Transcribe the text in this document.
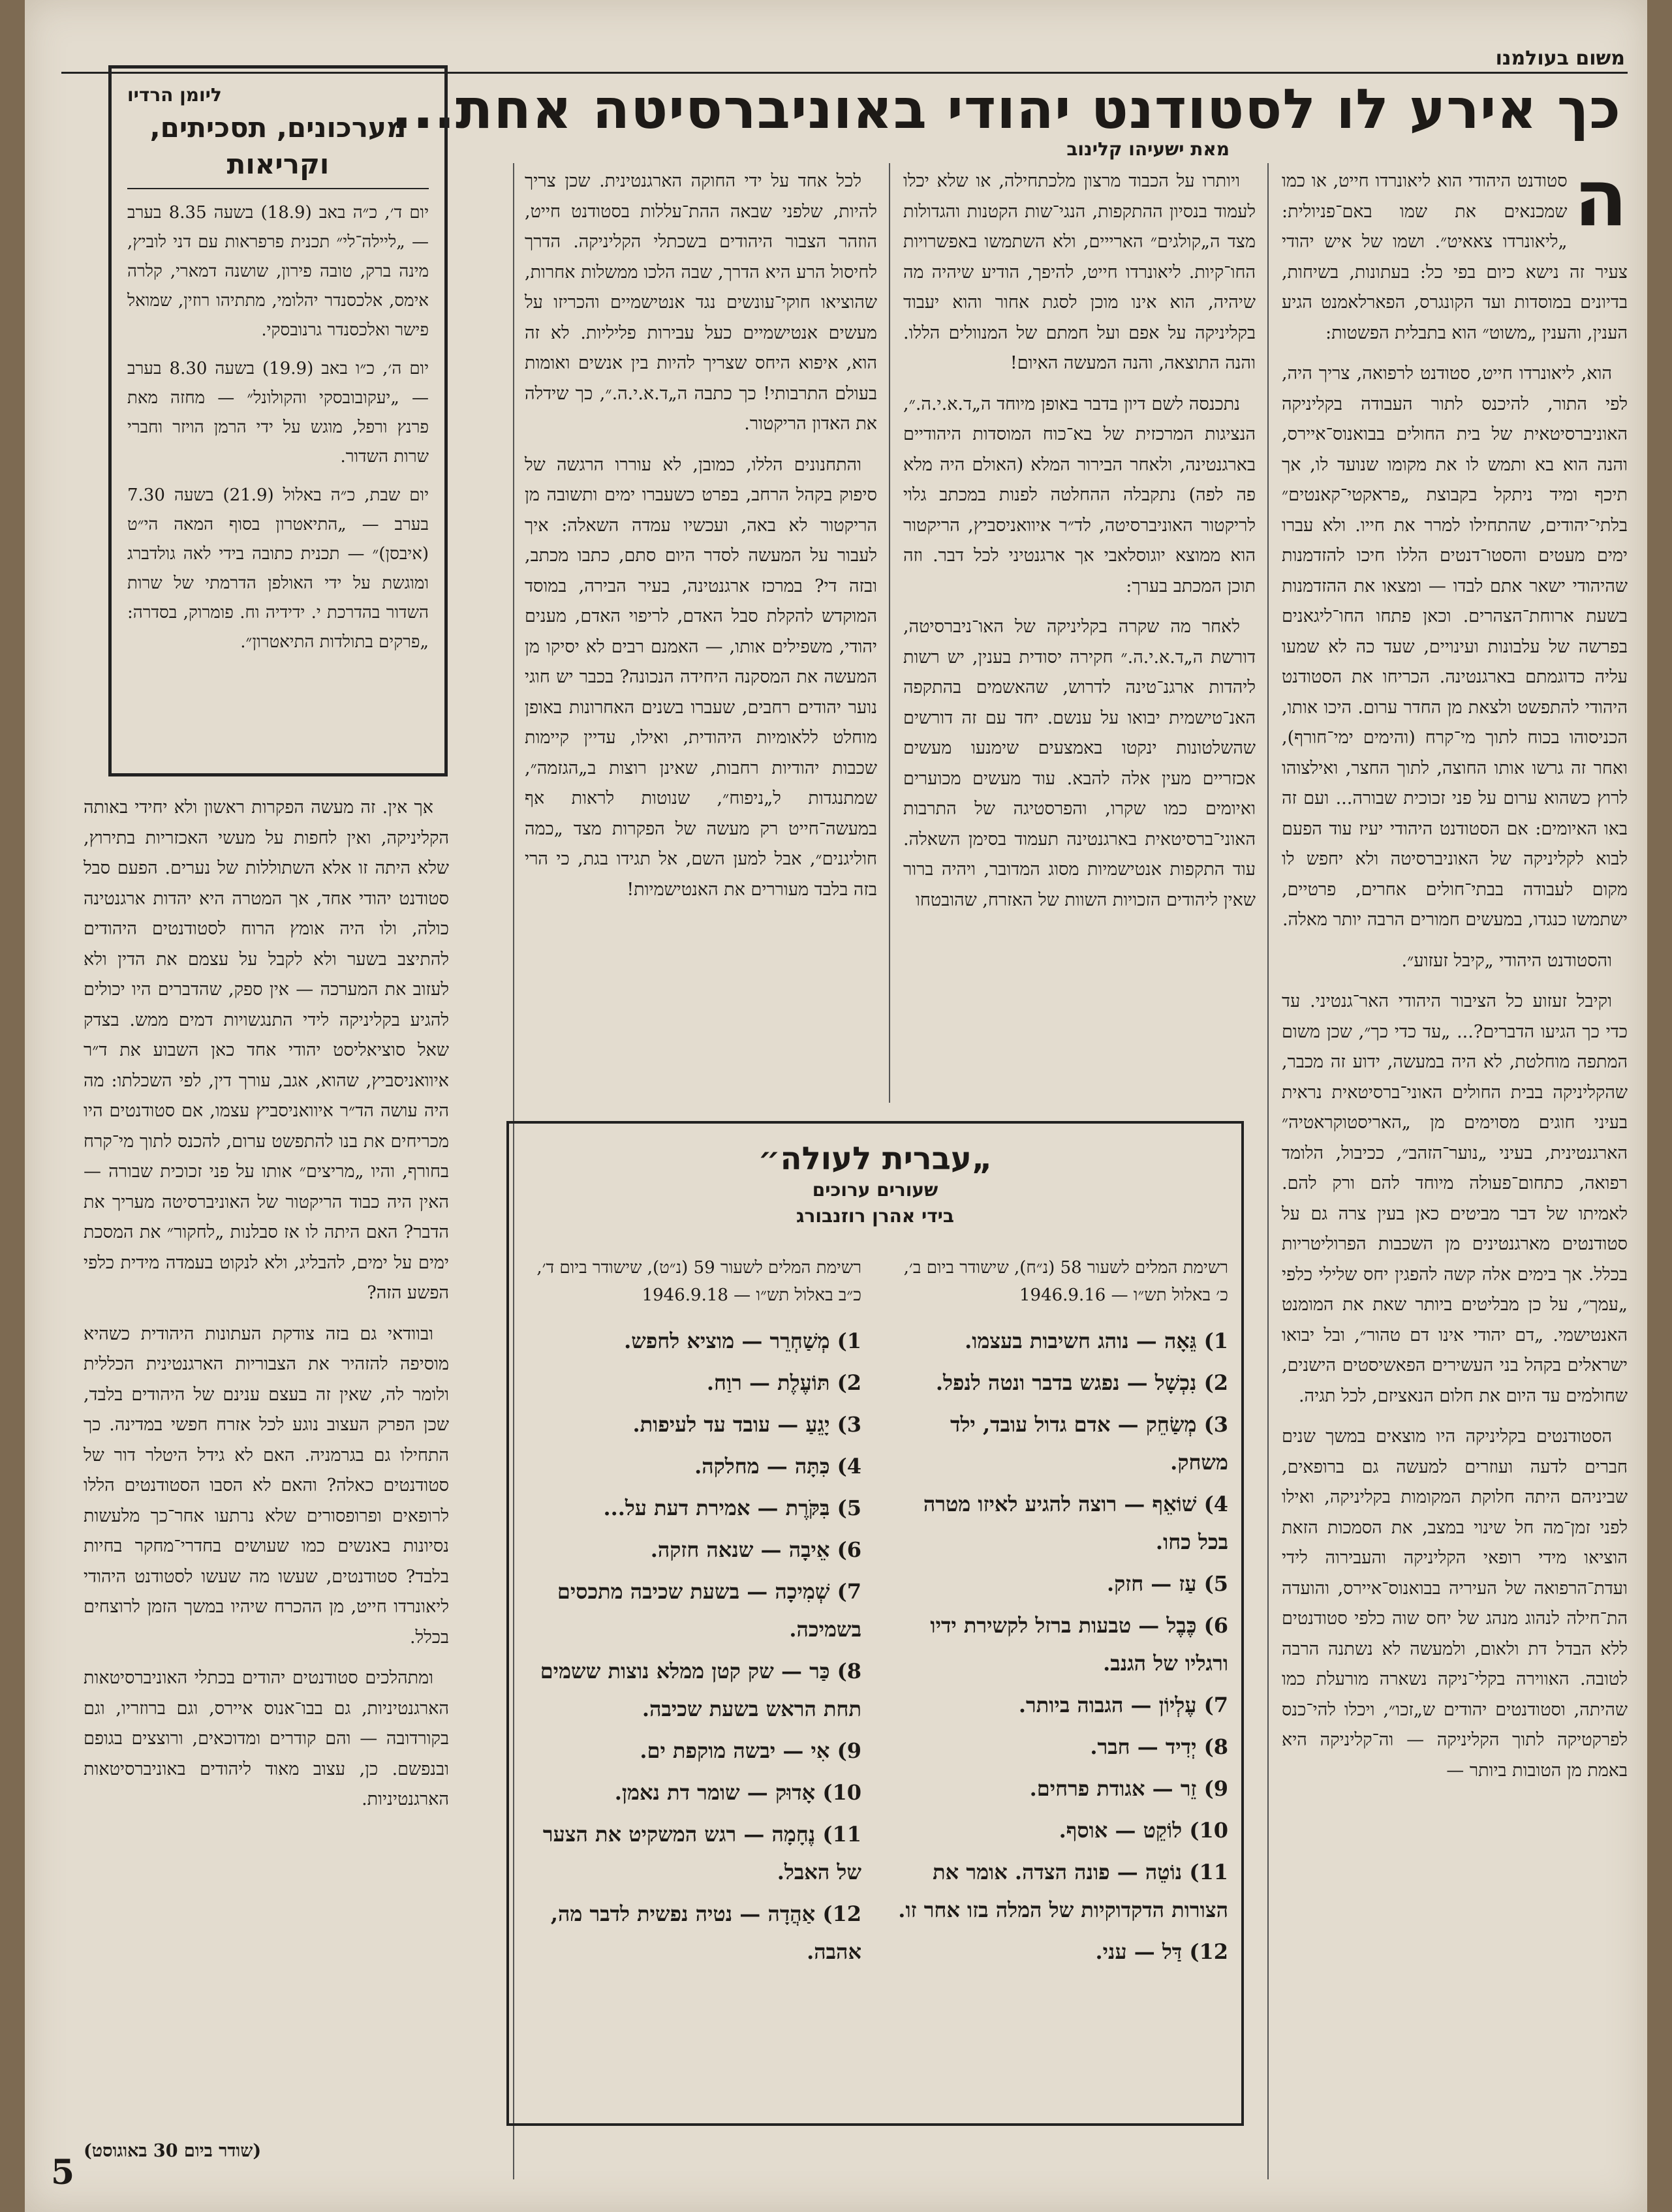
משום בעולמנו
כך אירע לו לסטודנט יהודי באוניברסיטה אחת...
מאת ישעיהו קלינוב

ה
סטודנט היהודי הוא ליאונרדו חייט, או כמו שמכנאים את שמו באם־פניולית: „ליאונרדו צאאיט״. ושמו של איש יהודי צעיר זה נישא כיום בפי כל: בעתונות, בשיחות, בדיונים במוסדות ועד הקונגרס, הפארלאמנט הגיע הענין, והענין „משוט״ הוא בתבלית הפשטות:

הוא, ליאונרדו חייט, סטודנט לרפואה, צריך היה, לפי התור, להיכנס לתור העבודה בקליניקה האוניברסיטאית של בית החולים בבואנוס־איירס, והנה הוא בא ותמש לו את מקומו שנועד לו, אך תיכף ומיד ניתקל בקבוצת „פראקטי־קאנטים״ בלתי־יהודים, שהתחילו למרר את חייו. ולא עברו ימים מעטים והסטו־דנטים הללו חיכו להזדמנות שהיהודי ישאר אתם לבדו — ומצאו את ההזדמנות בשעת ארוחת־הצהרים. וכאן פתחו החו־ליגאנים בפרשה של עלבונות ועינויים, שעד כה לא שמעו עליה כדוגמתם בארגנטינה. הכריחו את הסטודנט היהודי להתפשט ולצאת מן החדר ערום. היכו אותו, הכניסוהו בכוח לתוך מי־קרח (והימים ימי־חורף), ואחר זה גרשו אותו החוצה, לתוך החצר, ואילצוהו לרוץ כשהוא ערום על פני זכוכית שבורה... ועם זה באו האיומים: אם הסטודנט היהודי יעיז עוד הפעם לבוא לקליניקה של האוניברסיטה ולא יחפש לו מקום לעבודה בבתי־חולים אחרים, פרטיים, ישתמשו כנגדו, במעשים חמורים הרבה יותר מאלה.

והסטודנט היהודי „קיבל זעזוע״.

וקיבל זעזוע כל הציבור היהודי האר־גנטיני. עד כדי כך הגיעו הדברים?... „עד כדי כך״, שכן משום המתפה מוחלטת, לא היה במעשה, ידוע זה מכבר, שהקליניקה בבית החולים האוני־ברסיטאית נראית בעיני חוגים מסוימים מן „האריסטוקראטיה״ הארגנטינית, בעיני „נוער־הזהב״, ככיבול, הלומד רפואה, כתחום־פעולה מיוחד להם ורק להם. לאמיתו של דבר מביטים כאן בעין צרה גם על סטודנטים מארגנטינים מן השכבות הפרוליטריות בכלל. אך בימים אלה קשה להפגין יחס שלילי כלפי „עמך״, על כן מבליטים ביותר שאת את המומנט האנטישמי. „דם יהודי אינו דם טהור״, ובל יבואו ישראלים בקהל בני העשירים הפאשיסטים הישנים, שחולמים עד היום את חלום הנאציזם, לכל תגיה.

הסטודנטים בקליניקה היו מוצאים במשך שנים חברים לדעה ועוזרים למעשה גם ברופאים, שביניהם היתה חלוקת המקומות בקליניקה, ואילו לפני זמן־מה חל שינוי במצב, את הסמכות הזאת הוציאו מידי רופאי הקליניקה והעבירוה לידי ועדת־הרפואה של העיריה בבואנוס־איירס, והועדה הת־חילה לנהוג מנהג של יחס שוה כלפי סטודנטים ללא הבדל דת ולאום, ולמעשה לא נשתנה הרבה לטובה. האווירה בקלי־ניקה נשארה מורעלת כמו שהיתה, וסטודנטים יהודים ש„זכו״, ויכלו להי־כנס לפרקטיקה לתוך הקליניקה — וה־קליניקה היא באמת מן הטובות ביותר —

ויותרו על הכבוד מרצון מלכתחילה, או שלא יכלו לעמוד בנסיון ההתקפות, הנגי־שות הקטנות והגדולות מצד ה„קולגים״ הארייים, ולא השתמשו באפשרויות החו־קיות. ליאונרדו חייט, להיפך, הודיע שיהיה מה שיהיה, הוא אינו מוכן לסגת אחור והוא יעבוד בקליניקה על אפם ועל חמתם של המנוולים הללו. והנה התוצאה, והנה המעשה האיום!

נתכנסה לשם דיון בדבר באופן מיוחד ה„ד.א.י.ה.״, הנציגות המרכזית של בא־כוח המוסדות היהודיים בארגנטינה, ולאחר הבירור המלא (האולם היה מלא פה לפה) נתקבלה ההחלטה לפנות במכתב גלוי לריקטור האוניברסיטה, לד״ר איוואניסביץ, הריקטור הוא ממוצא יוגוסלאבי אך ארגנטיני לכל דבר. וזה תוכן המכתב בערך:

לאחר מה שקרה בקליניקה של האו־ניברסיטה, דורשת ה„ד.א.י.ה.״ חקירה יסודית בענין, יש רשות ליהדות ארגנ־טינה לדרוש, שהאשמים בהתקפה האנ־טישמית יבואו על ענשם. יחד עם זה דורשים שהשלטונות ינקטו באמצעים שימנעו מעשים אכזריים מעין אלה להבא. עוד מעשים מכוערים ואיומים כמו שקרו, והפרסטיגה של התרבות האוני־ברסיטאית בארגנטינה תעמוד בסימן השאלה. עוד התקפות אנטישמיות מסוג המדובר, ויהיה ברור שאין ליהודים הזכויות השוות של האזרח, שהובטחו

לכל אחד על ידי החוקה הארגנטינית. שכן צריך להיות, שלפני שבאה ההת־עללות בסטודנט חייט, הוזהר הצבור היהודים בשכתלי הקליניקה. הדרך לחיסול הרע היא הדרך, שבה הלכו ממשלות אחרות, שהוציאו חוקי־עונשים נגד אנטישמיים והכריזו על מעשים אנטישמיים כעל עבירות פליליות. לא זה הוא, איפוא היחס שצריך להיות בין אנשים ואומות בעולם התרבותי! כך כתבה ה„ד.א.י.ה.״, כך שידלה את האדון הריקטור.

והתחנונים הללו, כמובן, לא עוררו הרגשה של סיפוק בקהל הרחב, בפרט כשעברו ימים ותשובה מן הריקטור לא באה, ועכשיו עמדה השאלה: איך לעבור על המעשה לסדר היום סתם, כתבו מכתב, ובזה די? במרכז ארגנטינה, בעיר הבירה, במוסד המוקדש להקלת סבל האדם, לריפוי האדם, מענים יהודי, משפילים אותו, — האמנם רבים לא יסיקו מן המעשה את המסקנה היחידה הנכונה? בכבר יש חוגי נוער יהודים רחבים, שעברו בשנים האחרונות באופן מוחלט ללאומיות היהודית, ואילו, עדיין קיימות שכבות יהודיות רחבות, שאינן רוצות ב„הגזמה״, שמתנגדות ל„ניפוח״, שנוטות לראות אף במעשה־חייט רק מעשה של הפקרות מצד „כמה חוליגנים״, אבל למען השם, אל תגידו בגת, כי הרי בזה בלבד מעוררים את האנטישמיות!

ליומן הרדיו
מערכונים, תסכיתים, וקריאות

יום ד׳, כ״ה באב (18.9) בשעה 8.35 בערב — „ליילה־לי״ תכנית פרפראות עם דני לוביץ, מינה ברק, טובה פירון, שושנה דמארי, קלרה אימס, אלכסנדר יהלומי, מתתיהו רוזין, שמואל פישר ואלכסנדר גרנובסקי.

יום ה׳, כ״ו באב (19.9) בשעה 8.30 בערב — „יעקובובסקי והקולונל״ — מחזה מאת פרנץ ורפל, מוגש על ידי הרמן הויזר וחברי שרות השדור.

יום שבת, כ״ה באלול (21.9) בשעה 7.30 בערב — „התיאטרון בסוף המאה הי״ט (איבסן)״ — תכנית כתובה בידי לאה גולדברג ומוגשת על ידי האולפן הדרמתי של שרות השדור בהדרכת י. ידידיה וח. פומרוק, בסדרה: „פרקים בתולדות התיאטרון״.

אך אין. זה מעשה הפקרות ראשון ולא יחידי באותה הקליניקה, ואין לחפות על מעשי האכזריות בתירוץ, שלא היתה זו אלא השתוללות של נערים. הפעם סבל סטודנט יהודי אחד, אך המטרה היא יהדות ארגנטינה כולה, ולו היה אומץ הרוח לסטודנטים היהודים להתיצב בשער ולא לקבל על עצמם את הדין ולא לעזוב את המערכה — אין ספק, שהדברים היו יכולים להגיע בקליניקה לידי התנגשויות דמים ממש. בצדק שאל סוציאליסט יהודי אחד כאן השבוע את ד״ר איוואניסביץ, שהוא, אגב, עורך דין, לפי השכלתו: מה היה עושה הד״ר איוואניסביץ עצמו, אם סטודנטים היו מכריחים את בנו להתפשט ערום, להכנס לתוך מי־קרח בחורף, והיו „מריצים״ אותו על פני זכוכית שבורה — האין היה כבוד הריקטור של האוניברסיטה מעריך את הדבר? האם היתה לו אז סבלנות „לחקור״ את המסכת ימים על ימים, להבליג, ולא לנקוט בעמדה מידית כלפי הפשע הזה?

ובוודאי גם בזה צודקת העתונות היהודית כשהיא מוסיפה להזהיר את הצבוריות הארגנטינית הכללית ולומר לה, שאין זה בעצם ענינם של היהודים בלבד, שכן הפרק העצוב נוגע לכל אזרח חפשי במדינה. כך התחילו גם בגרמניה. האם לא גידל היטלר דור של סטודנטים כאלה? והאם לא הסבו הסטודנטים הללו לרופאים ופרופסורים שלא נרתעו אחר־כך מלעשות נסיונות באנשים כמו שעושים בחדרי־מחקר בחיות בלבד? סטודנטים, שעשו מה שעשו לסטודנט היהודי ליאונרדו חייט, מן ההכרח שיהיו במשך הזמן לרוצחים בכלל.

ומתהלכים סטודנטים יהודים בכתלי האוניברסיטאות הארגנטיניות, גם בבו־אנוס איירס, וגם ברוזריו, וגם בקורדובה — והם קודרים ומדוכאים, ורוצצים בגופם ובנפשם. כן, עצוב מאוד ליהודים באוניברסיטאות הארגנטיניות.

(שודר ביום 30 באוגוסט)
„עברית לעולה״
שעורים ערוכים
בידי אהרן רוזנבורג
רשימת המלים לשעור 58 (נ״ח), שישודר ביום ב׳, כ׳ באלול תש״ו — 1946.9.16
1) גֵּאָה — נוהג חשיבות בעצמו.
2) נִכְשָׁל — נפגש בדבר ונטה לנפל.
3) מְשַׂחֵק — אדם גדול עובד, ילד משחק.
4) שׁוֹאֵף — רוצה להגיע לאיזו מטרה בכל כחו.
5) עַז — חזק.
6) כֶּבֶל — טבעות ברזל לקשירת ידיו ורגליו של הגנב.
7) עֶלְיוֹן — הגבוה ביותר.
8) יְדִיד — חבר.
9) זֵר — אגודת פרחים.
10) לוֹקֵט — אוסף.
11) נוֹטֵה — פונה הצדה. אומר את הצורות הדקדוקיות של המלה בזו אחר זו.
12) דַּל — עני.
רשימת המלים לשעור 59 (נ״ט), שישודר ביום ד׳, כ״ב באלול תש״ו — 1946.9.18
1) מְשַׁחְרֵר — מוציא לחפש.
2) תּוֹעֶלֶת — רוַח.
3) יָגֵעַ — עובד עד לעיפות.
4) כִּתָּה — מחלקה.
5) בִּקֹּרֶת — אמירת דעת על...
6) אֵיבָה — שנאה חזקה.
7) שְׁמִיכָה — בשעת שכיבה מתכסים בשמיכה.
8) כַּר — שק קטן ממלא נוצות ששמים תחת הראש בשעת שכיבה.
9) אִי — יבשה מוקפת ים.
10) אָדוּק — שומר דת נאמן.
11) נֶחָמָה — רגש המשקיט את הצער של האבל.
12) אַהֲדָה — נטיה נפשית לדבר מה, אהבה.
5
